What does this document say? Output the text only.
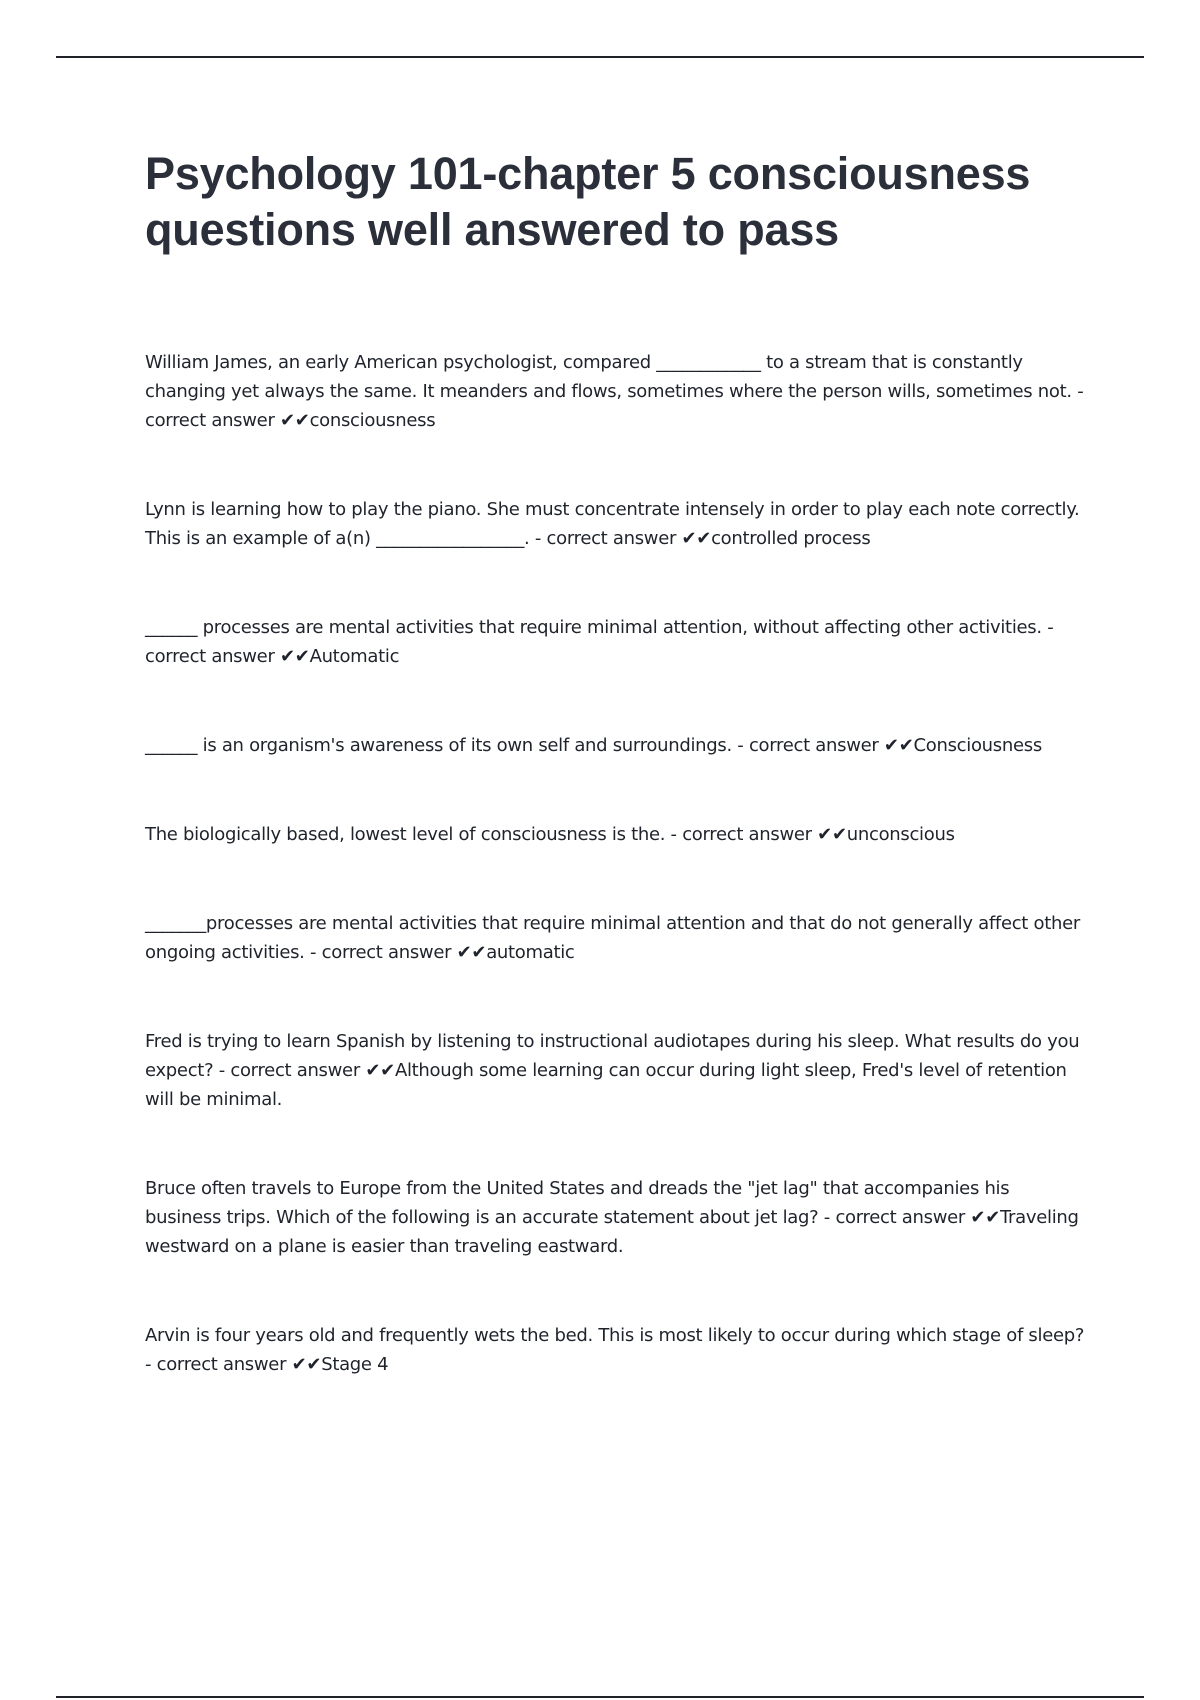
Psychology 101-chapter 5 consciousness questions well answered to pass

William James, an early American psychologist, compared ____________ to a stream that is constantly changing yet always the same. It meanders and flows, sometimes where the person wills, sometimes not. - correct answer ✔✔consciousness

Lynn is learning how to play the piano. She must concentrate intensely in order to play each note correctly. This is an example of a(n) _________________. - correct answer ✔✔controlled process

______ processes are mental activities that require minimal attention, without affecting other activities. - correct answer ✔✔Automatic

______ is an organism's awareness of its own self and surroundings. - correct answer ✔✔Consciousness

The biologically based, lowest level of consciousness is the. - correct answer ✔✔unconscious

_______processes are mental activities that require minimal attention and that do not generally affect other ongoing activities. - correct answer ✔✔automatic

Fred is trying to learn Spanish by listening to instructional audiotapes during his sleep. What results do you expect? - correct answer ✔✔Although some learning can occur during light sleep, Fred's level of retention will be minimal.

Bruce often travels to Europe from the United States and dreads the "jet lag" that accompanies his business trips. Which of the following is an accurate statement about jet lag? - correct answer ✔✔Traveling westward on a plane is easier than traveling eastward.

Arvin is four years old and frequently wets the bed. This is most likely to occur during which stage of sleep? - correct answer ✔✔Stage 4
